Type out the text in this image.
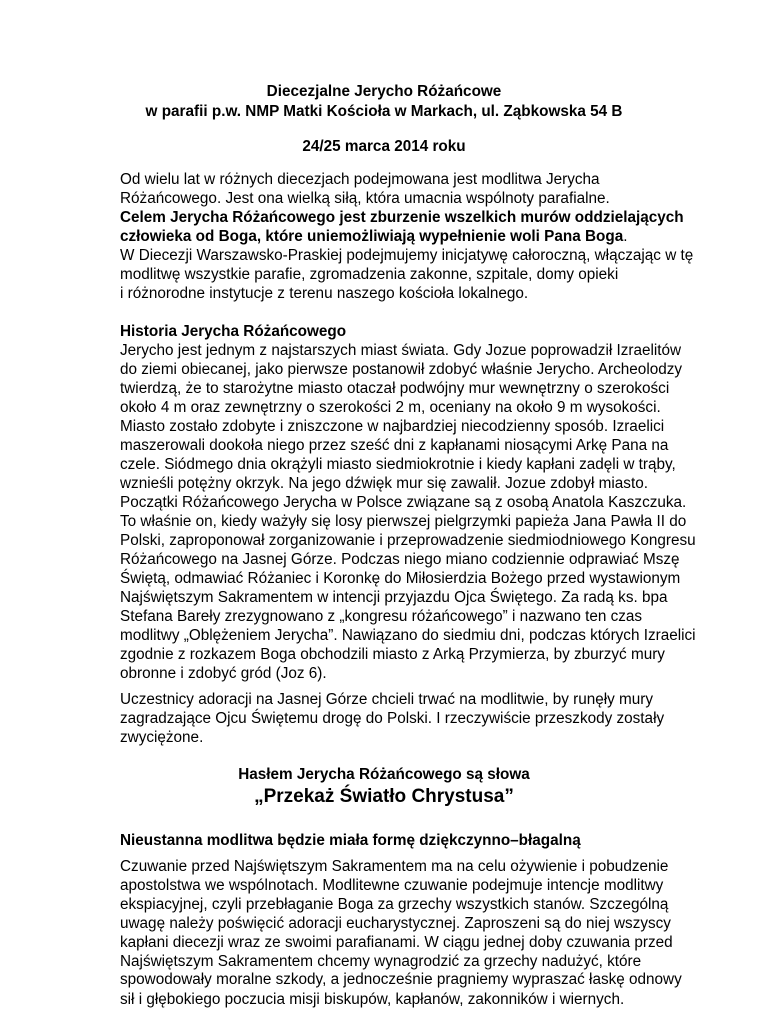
Diecezjalne Jerycho Różańcowe
w parafii p.w. NMP Matki Kościoła w Markach, ul. Ząbkowska 54 B
24/25 marca 2014 roku
Od wielu lat w różnych diecezjach podejmowana jest modlitwa Jerycha
Różańcowego. Jest ona wielką siłą, która umacnia wspólnoty parafialne.
Celem Jerycha Różańcowego jest zburzenie wszelkich murów oddzielających
człowieka od Boga, które uniemożliwiają wypełnienie woli Pana Boga.
W Diecezji Warszawsko-Praskiej podejmujemy inicjatywę całoroczną, włączając w tę
modlitwę wszystkie parafie, zgromadzenia zakonne, szpitale, domy opieki
i różnorodne instytucje z terenu naszego kościoła lokalnego.
Historia Jerycha Różańcowego
Jerycho jest jednym z najstarszych miast świata. Gdy Jozue poprowadził Izraelitów
do ziemi obiecanej, jako pierwsze postanowił zdobyć właśnie Jerycho. Archeolodzy
twierdzą, że to starożytne miasto otaczał podwójny mur wewnętrzny o szerokości
około 4 m oraz zewnętrzny o szerokości 2 m, oceniany na około 9 m wysokości.
Miasto zostało zdobyte i zniszczone w najbardziej niecodzienny sposób. Izraelici
maszerowali dookoła niego przez sześć dni z kapłanami niosącymi Arkę Pana na
czele. Siódmego dnia okrążyli miasto siedmiokrotnie i kiedy kapłani zadęli w trąby,
wznieśli potężny okrzyk. Na jego dźwięk mur się zawalił. Jozue zdobył miasto.
Początki Różańcowego Jerycha w Polsce związane są z osobą Anatola Kaszczuka.
To właśnie on, kiedy ważyły się losy pierwszej pielgrzymki papieża Jana Pawła II do
Polski, zaproponował zorganizowanie i przeprowadzenie siedmiodniowego Kongresu
Różańcowego na Jasnej Górze. Podczas niego miano codziennie odprawiać Mszę
Świętą, odmawiać Różaniec i Koronkę do Miłosierdzia Bożego przed wystawionym
Najświętszym Sakramentem w intencji przyjazdu Ojca Świętego. Za radą ks. bpa
Stefana Bareły zrezygnowano z „kongresu różańcowego” i nazwano ten czas
modlitwy „Oblężeniem Jerycha”. Nawiązano do siedmiu dni, podczas których Izraelici
zgodnie z rozkazem Boga obchodzili miasto z Arką Przymierza, by zburzyć mury
obronne i zdobyć gród (Joz 6).
Uczestnicy adoracji na Jasnej Górze chcieli trwać na modlitwie, by runęły mury
zagradzające Ojcu Świętemu drogę do Polski. I rzeczywiście przeszkody zostały
zwyciężone.
Hasłem Jerycha Różańcowego są słowa
„Przekaż Światło Chrystusa”
Nieustanna modlitwa będzie miała formę dziękczynno–błagalną
Czuwanie przed Najświętszym Sakramentem ma na celu ożywienie i pobudzenie
apostolstwa we wspólnotach. Modlitewne czuwanie podejmuje intencje modlitwy
ekspiacyjnej, czyli przebłaganie Boga za grzechy wszystkich stanów. Szczególną
uwagę należy poświęcić adoracji eucharystycznej. Zaproszeni są do niej wszyscy
kapłani diecezji wraz ze swoimi parafianami. W ciągu jednej doby czuwania przed
Najświętszym Sakramentem chcemy wynagrodzić za grzechy nadużyć, które
spowodowały moralne szkody, a jednocześnie pragniemy wypraszać łaskę odnowy
sił i głębokiego poczucia misji biskupów, kapłanów, zakonników i wiernych.
